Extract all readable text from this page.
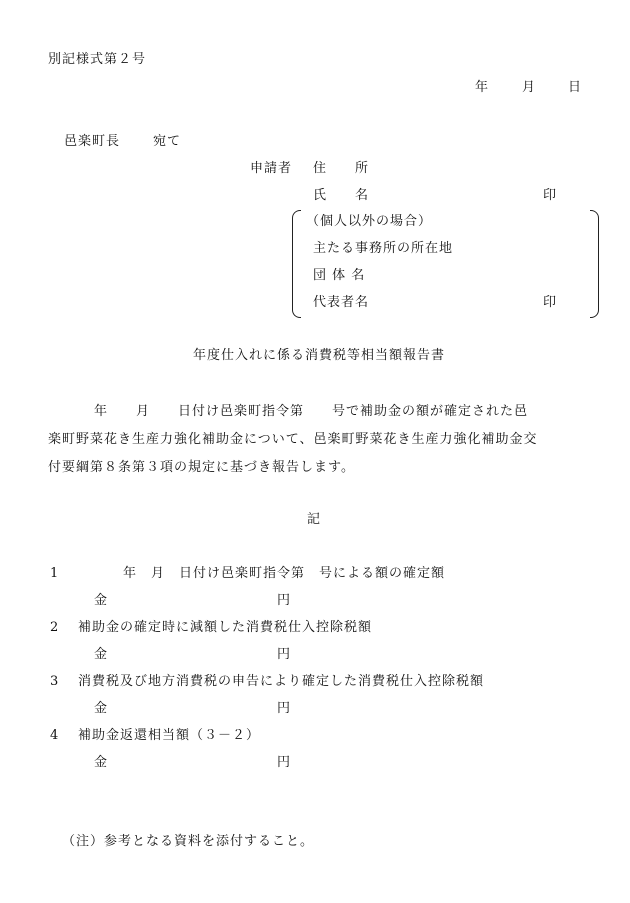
別記様式第２号
年	月 日
邑楽町長	宛て
申請者 住　　所
氏　　名	印
（個人以外の場合）
主たる事務所の所在地
団 体 名
代表者名	印
年度仕入れに係る消費税等相当額報告書
年　　月　　日付け邑楽町指令第　　号で補助金の額が確定された邑
楽町野菜花き生産力強化補助金について、邑楽町野菜花き生産力強化補助金交
付要綱第８条第３項の規定に基づき報告します。
記
1	年　月　日付け邑楽町指令第　号による額の確定額
金	円
2 補助金の確定時に減額した消費税仕入控除税額
金	円
3 消費税及び地方消費税の申告により確定した消費税仕入控除税額
金	円
4 補助金返還相当額（３－２）
金	円
（注）参考となる資料を添付すること。
